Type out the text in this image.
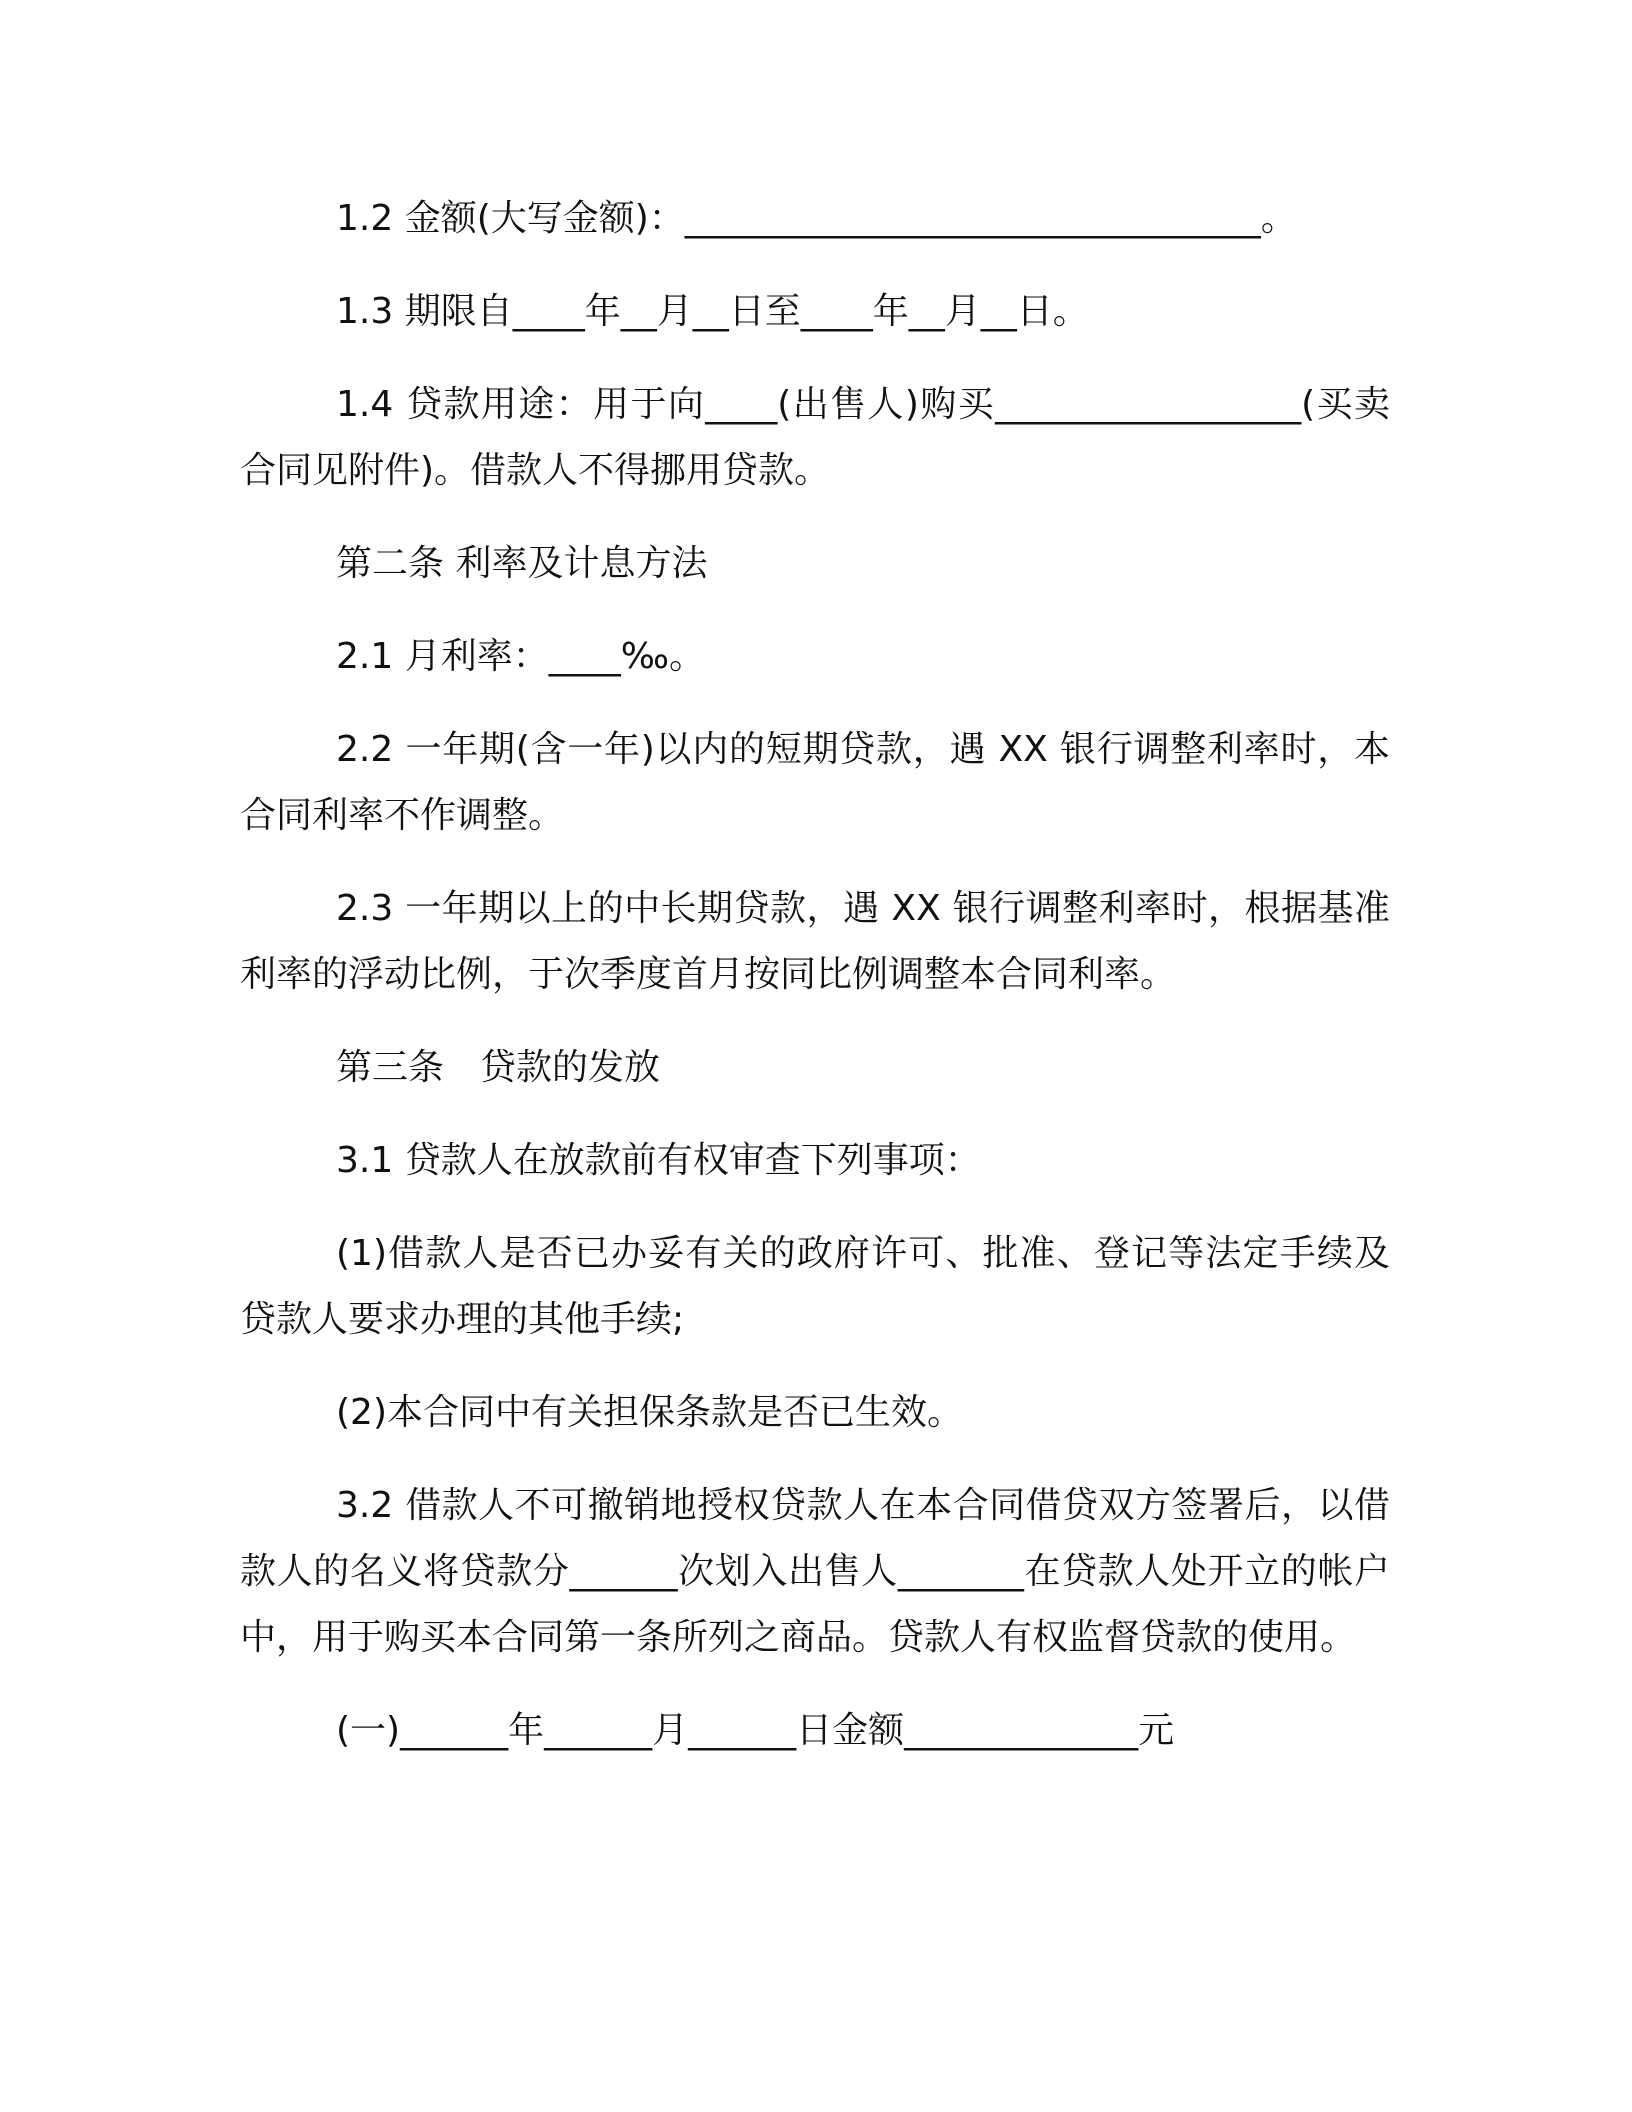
1.2 金额(大写金额)：________________________________。

1.3 期限自____年__月__日至____年__月__日。

1.4 贷款用途：用于向____(出售人)购买_________________(买卖合同见附件)。借款人不得挪用贷款。

第二条 利率及计息方法

2.1 月利率：____‰。

2.2 一年期(含一年)以内的短期贷款，遇 XX 银行调整利率时，本合同利率不作调整。

2.3 一年期以上的中长期贷款，遇 XX 银行调整利率时，根据基准利率的浮动比例，于次季度首月按同比例调整本合同利率。

第三条　贷款的发放

3.1 贷款人在放款前有权审查下列事项：

(1)借款人是否已办妥有关的政府许可、批准、登记等法定手续及贷款人要求办理的其他手续;

(2)本合同中有关担保条款是否已生效。

3.2 借款人不可撤销地授权贷款人在本合同借贷双方签署后，以借款人的名义将贷款分______次划入出售人_______在贷款人处开立的帐户中，用于购买本合同第一条所列之商品。贷款人有权监督贷款的使用。

(一)______年______月______日金额_____________元
